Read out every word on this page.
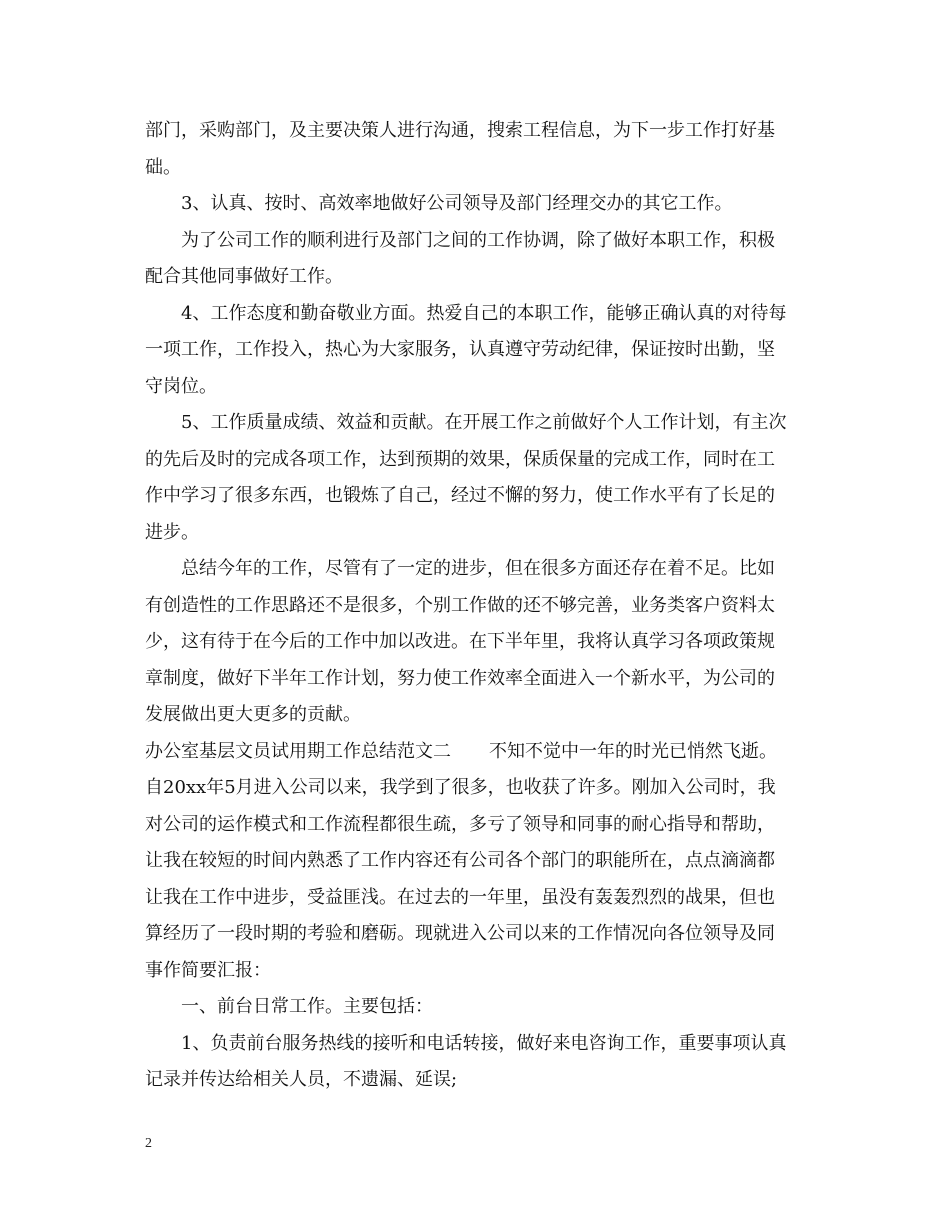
部门，采购部门，及主要决策人进行沟通，搜索工程信息，为下一步工作打好基
础。
3、认真、按时、高效率地做好公司领导及部门经理交办的其它工作。
为了公司工作的顺利进行及部门之间的工作协调，除了做好本职工作，积极
配合其他同事做好工作。
4、工作态度和勤奋敬业方面。热爱自己的本职工作，能够正确认真的对待每
一项工作，工作投入，热心为大家服务，认真遵守劳动纪律，保证按时出勤，坚
守岗位。
5、工作质量成绩、效益和贡献。在开展工作之前做好个人工作计划，有主次
的先后及时的完成各项工作，达到预期的效果，保质保量的完成工作，同时在工
作中学习了很多东西，也锻炼了自己，经过不懈的努力，使工作水平有了长足的
进步。
总结今年的工作，尽管有了一定的进步，但在很多方面还存在着不足。比如
有创造性的工作思路还不是很多，个别工作做的还不够完善，业务类客户资料太
少，这有待于在今后的工作中加以改进。在下半年里，我将认真学习各项政策规
章制度，做好下半年工作计划，努力使工作效率全面进入一个新水平，为公司的
发展做出更大更多的贡献。
办公室基层文员试用期工作总结范文二 不知不觉中一年的时光已悄然飞逝。
自20xx年5月进入公司以来，我学到了很多，也收获了许多。刚加入公司时，我
对公司的运作模式和工作流程都很生疏，多亏了领导和同事的耐心指导和帮助，
让我在较短的时间内熟悉了工作内容还有公司各个部门的职能所在，点点滴滴都
让我在工作中进步，受益匪浅。在过去的一年里，虽没有轰轰烈烈的战果，但也
算经历了一段时期的考验和磨砺。现就进入公司以来的工作情况向各位领导及同
事作简要汇报：
一、前台日常工作。主要包括：
1、负责前台服务热线的接听和电话转接，做好来电咨询工作，重要事项认真
记录并传达给相关人员，不遗漏、延误;
2
